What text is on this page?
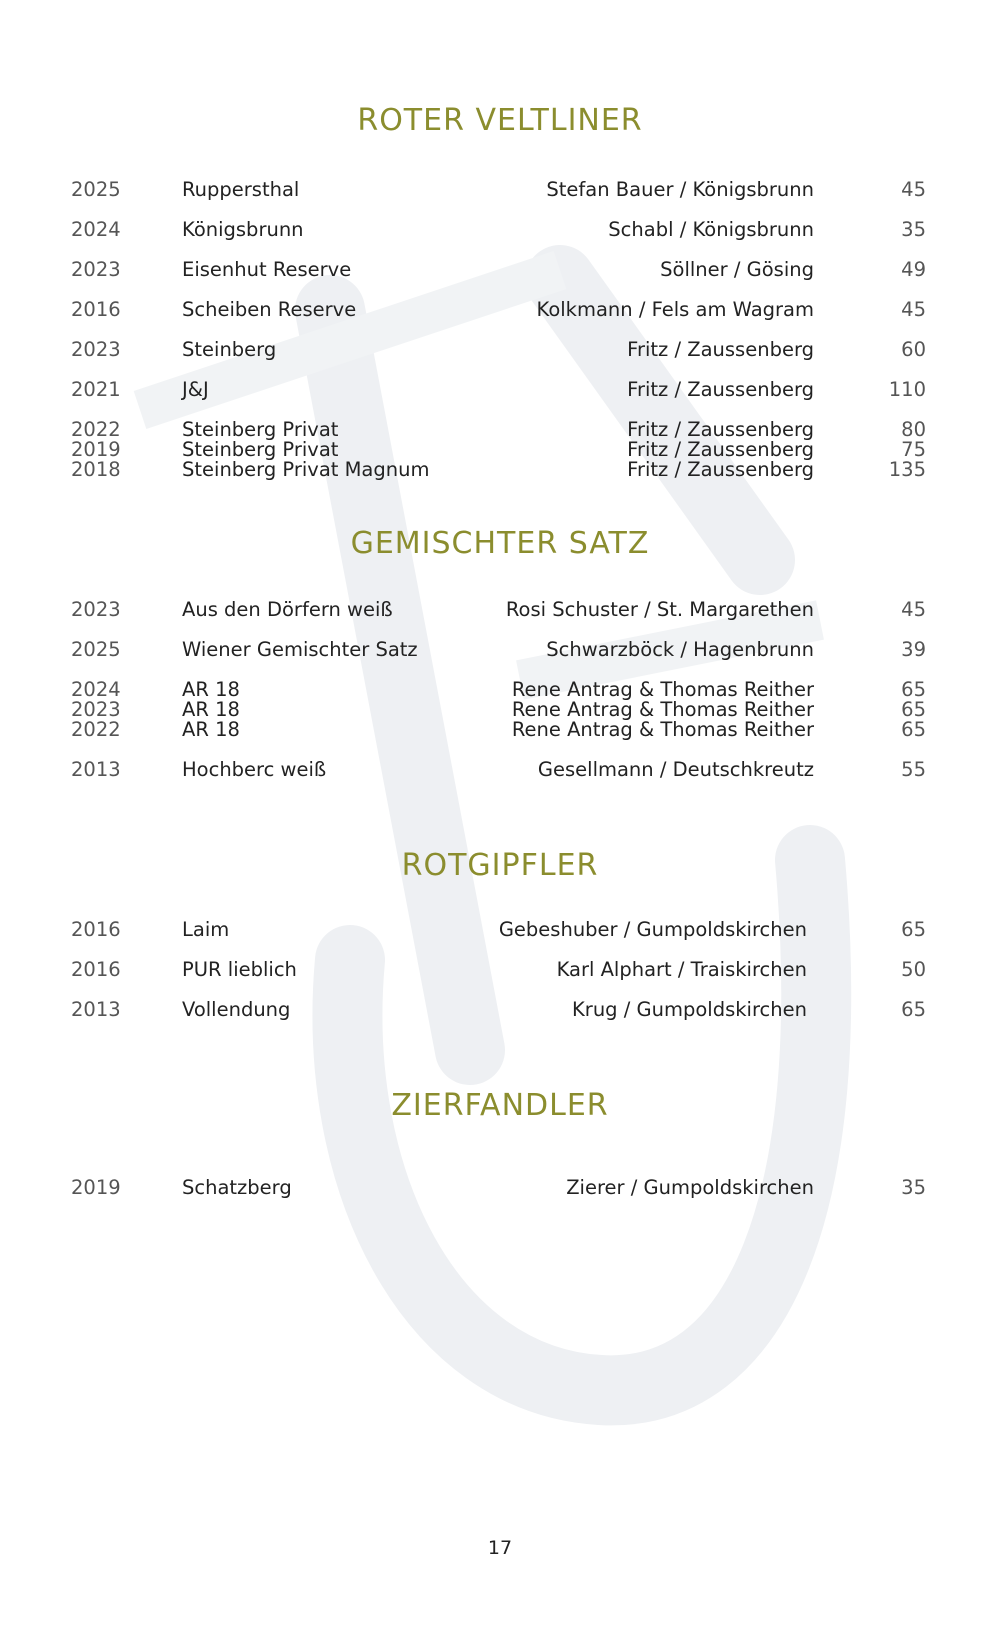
ROTER VELTLINER
2025	Ruppersthal	Stefan Bauer / Königsbrunn	45
2024	Königsbrunn	Schabl / Königsbrunn	35
2023	Eisenhut Reserve	Söllner / Gösing	49
2016	Scheiben Reserve	Kolkmann / Fels am Wagram	45
2023	Steinberg	Fritz / Zaussenberg	60
2021	J&J	Fritz / Zaussenberg	110
2022	Steinberg Privat	Fritz / Zaussenberg	80
2019	Steinberg Privat	Fritz / Zaussenberg	75
2018	Steinberg Privat Magnum	Fritz / Zaussenberg	135
GEMISCHTER SATZ
2023	Aus den Dörfern weiß	Rosi Schuster / St. Margarethen	45
2025	Wiener Gemischter Satz	Schwarzböck / Hagenbrunn	39
2024	AR 18	Rene Antrag & Thomas Reither	65
2023	AR 18	Rene Antrag & Thomas Reither	65
2022	AR 18	Rene Antrag & Thomas Reither	65
2013	Hochberc weiß	Gesellmann / Deutschkreutz	55
ROTGIPFLER
2016	Laim	Gebeshuber / Gumpoldskirchen	65
2016	PUR lieblich	Karl Alphart / Traiskirchen	50
2013	Vollendung	Krug / Gumpoldskirchen	65
ZIERFANDLER
2019	Schatzberg	Zierer / Gumpoldskirchen	35
17
